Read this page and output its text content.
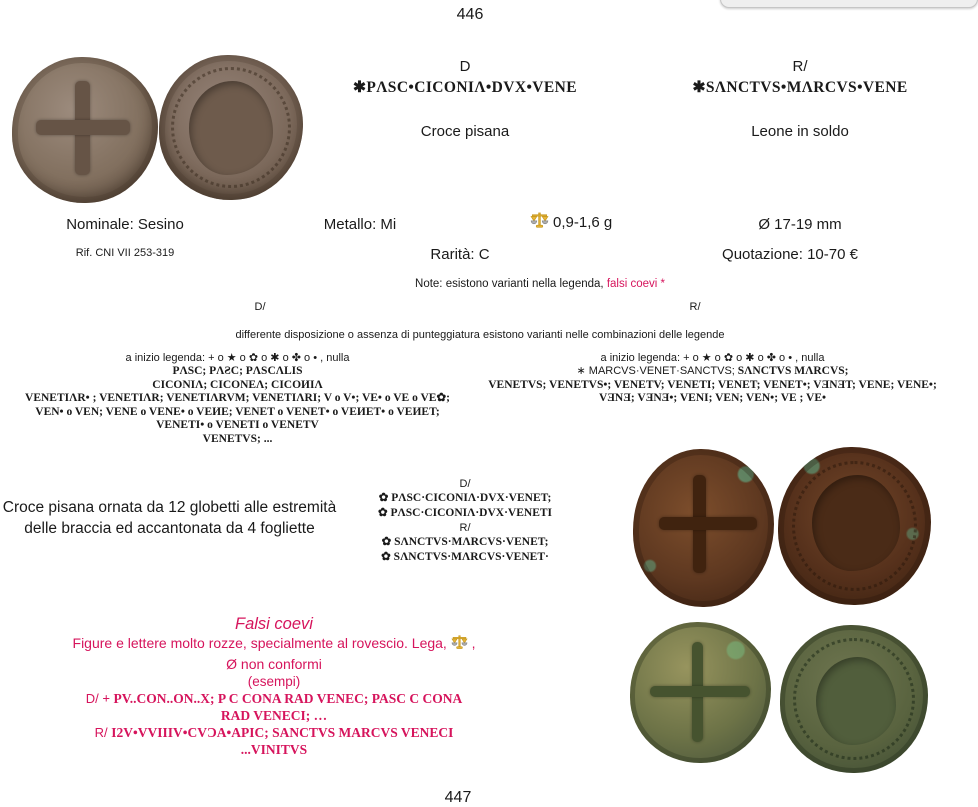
446
D
✱PΛSC•CICONIΛ•DVX•VENE
Croce pisana
R/
✱SΛNCTVS•MΛRCVS•VENE
Leone in soldo
Nominale: Sesino	Metallo: Mi	0,9-1,6 g	Ø 17-19 mm
Rif. CNI VII 253-319	Rarità: C	Quotazione: 10-70 €
Note: esistono varianti nella legenda, falsi coevi *
D/	R/
differente disposizione o assenza di punteggiatura esistono varianti nelle combinazioni delle legende
a inizio legenda: + o ★ o ✿ o ✱ o ✤ o • , nulla
PΛSC; PΛƧC; PΛSCΛLIS
CICONIΛ; CICONEΛ; CICOИIΛ
VENETIΛR• ; VENETIΛR; VENETIΛRVM; VENETIΛRI; V o V•; VE• o VE o VE✿;
VEN• o VEN; VENE o VENE• o VEИE; VENET o VENET• o VEИET• o VEИET;
VENETI• o VENETI o VENETV
VENETVS; ...
a inizio legenda: + o ★ o ✿ o ✱ o ✤ o • , nulla
∗ MARCVS·VENET·SANCTVS; SΛNCTVS MΛRCVS;
VENETVS; VENETVS•; VENETV; VENETI; VENET; VENET•; VƎNƎT; VENE; VENE•;
VƎNƎ; VƎNƎ•; VENI; VEN; VEN•; VE ; VE•
Croce pisana ornata da 12 globetti alle estremità delle braccia ed accantonata da 4 fogliette
D/
✿ PΛSC·CICONIΛ·DVX·VENET;
✿ PΛSC·CICONIΛ·DVX·VENETI
R/
✿ SΛNCTVS·MΛRCVS·VENET;
✿ SΛNCTVS·MΛRCVS·VENET·
Falsi coevi
Figure e lettere molto rozze, specialmente al rovescio. Lega,  ,
Ø non conformi
(esempi)
D/ + PV..CON..ON..X; P C CONA RAD VENEC; PASC C CONA
RAD VENECI; …
R/ I2V•VVIIIV•CVƆA•APIC; SANCTVS MARCVS VENECI
...VINITVS
447
